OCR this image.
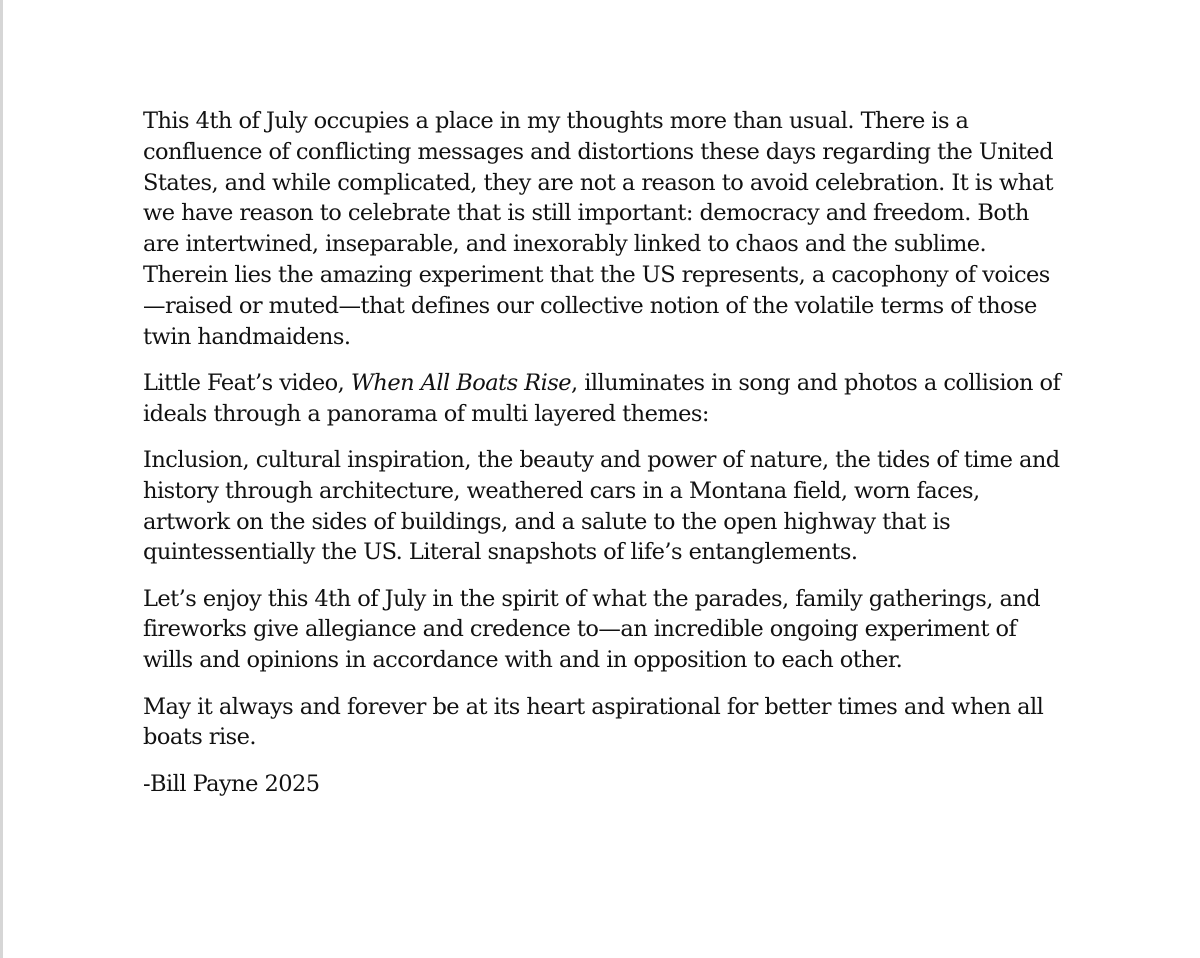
This 4th of July occupies a place in my thoughts more than usual. There is a confluence of conflicting messages and distortions these days regarding the United States, and while complicated, they are not a reason to avoid celebration. It is what we have reason to celebrate that is still important: democracy and freedom. Both are intertwined, inseparable, and inexorably linked to chaos and the sublime. Therein lies the amazing experiment that the US represents, a cacophony of voices—raised or muted—that defines our collective notion of the volatile terms of those twin handmaidens.

Little Feat’s video, When All Boats Rise, illuminates in song and photos a collision of ideals through a panorama of multi layered themes:

Inclusion, cultural inspiration, the beauty and power of nature, the tides of time and history through architecture, weathered cars in a Montana field, worn faces, artwork on the sides of buildings, and a salute to the open highway that is quintessentially the US. Literal snapshots of life’s entanglements.

Let’s enjoy this 4th of July in the spirit of what the parades, family gatherings, and fireworks give allegiance and credence to—an incredible ongoing experiment of wills and opinions in accordance with and in opposition to each other.

May it always and forever be at its heart aspirational for better times and when all boats rise.

-Bill Payne 2025
